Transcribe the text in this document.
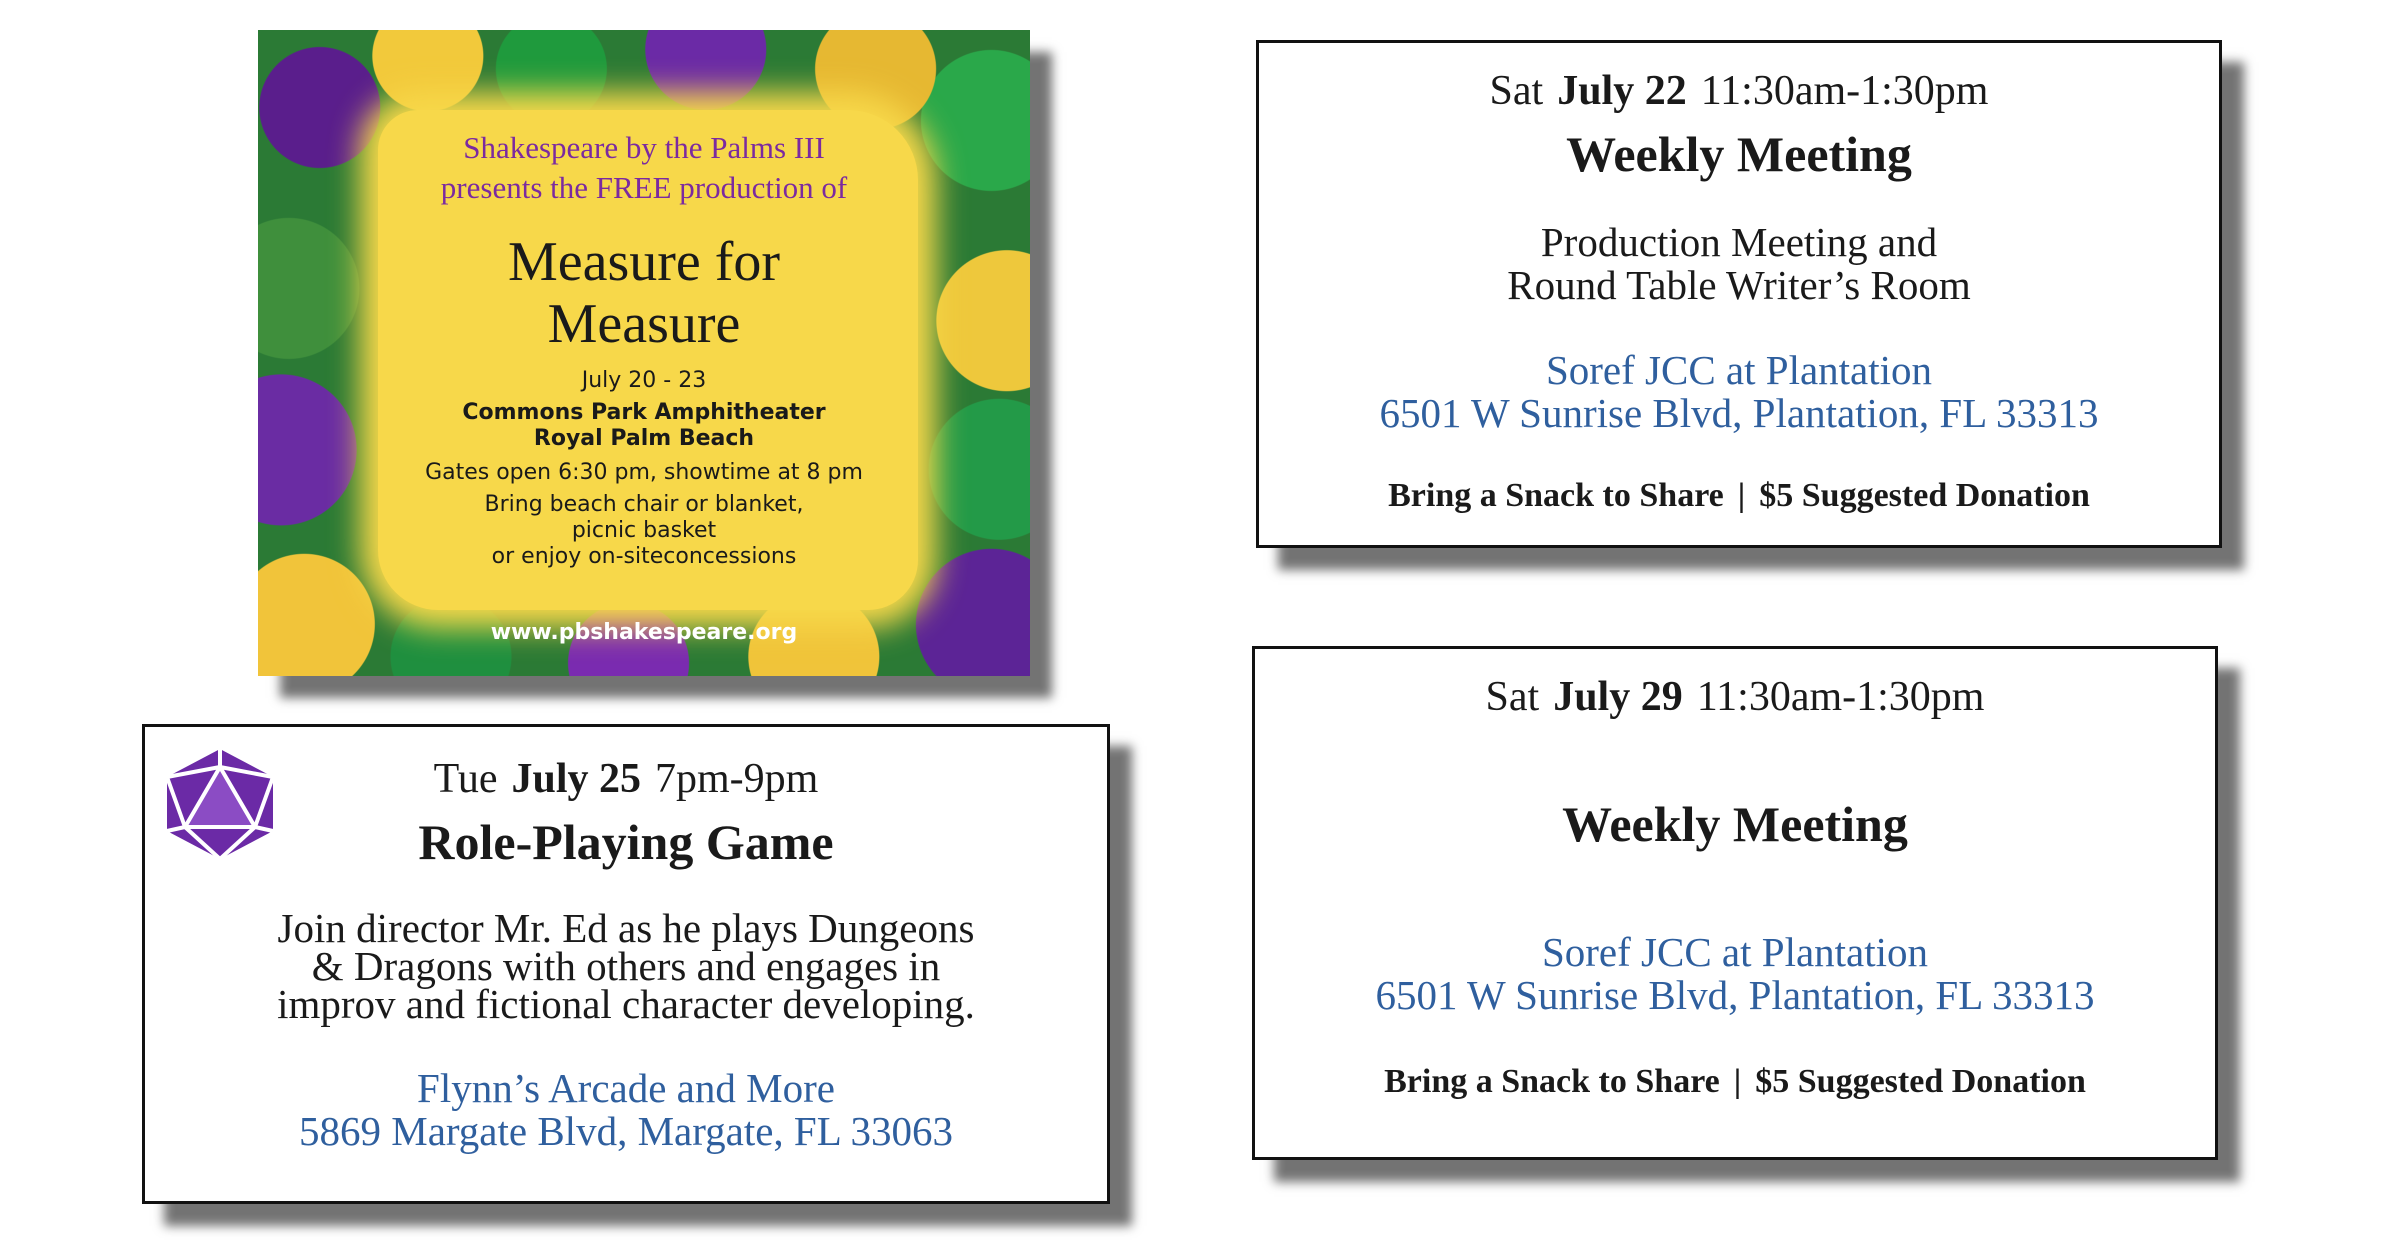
Shakespeare by the Palms III
presents the FREE production of
Measure for
Measure
July 20 - 23
Commons Park Amphitheater
Royal Palm Beach
Gates open 6:30 pm, showtime at 8 pm
Bring beach chair or blanket,
picnic basket
or enjoy on-siteconcessions
www.pbshakespeare.org
Sat July 22 11:30am-1:30pm
Weekly Meeting
Production Meeting and
Round Table Writer’s Room
Soref JCC at Plantation
6501 W Sunrise Blvd, Plantation, FL 33313
Bring a Snack to Share | $5 Suggested Donation
Tue July 25 7pm-9pm
Role-Playing Game
Join director Mr. Ed as he plays Dungeons
& Dragons with others and engages in
improv and fictional character developing.
Flynn’s Arcade and More
5869 Margate Blvd, Margate, FL 33063
Sat July 29 11:30am-1:30pm
Weekly Meeting
Soref JCC at Plantation
6501 W Sunrise Blvd, Plantation, FL 33313
Bring a Snack to Share | $5 Suggested Donation
